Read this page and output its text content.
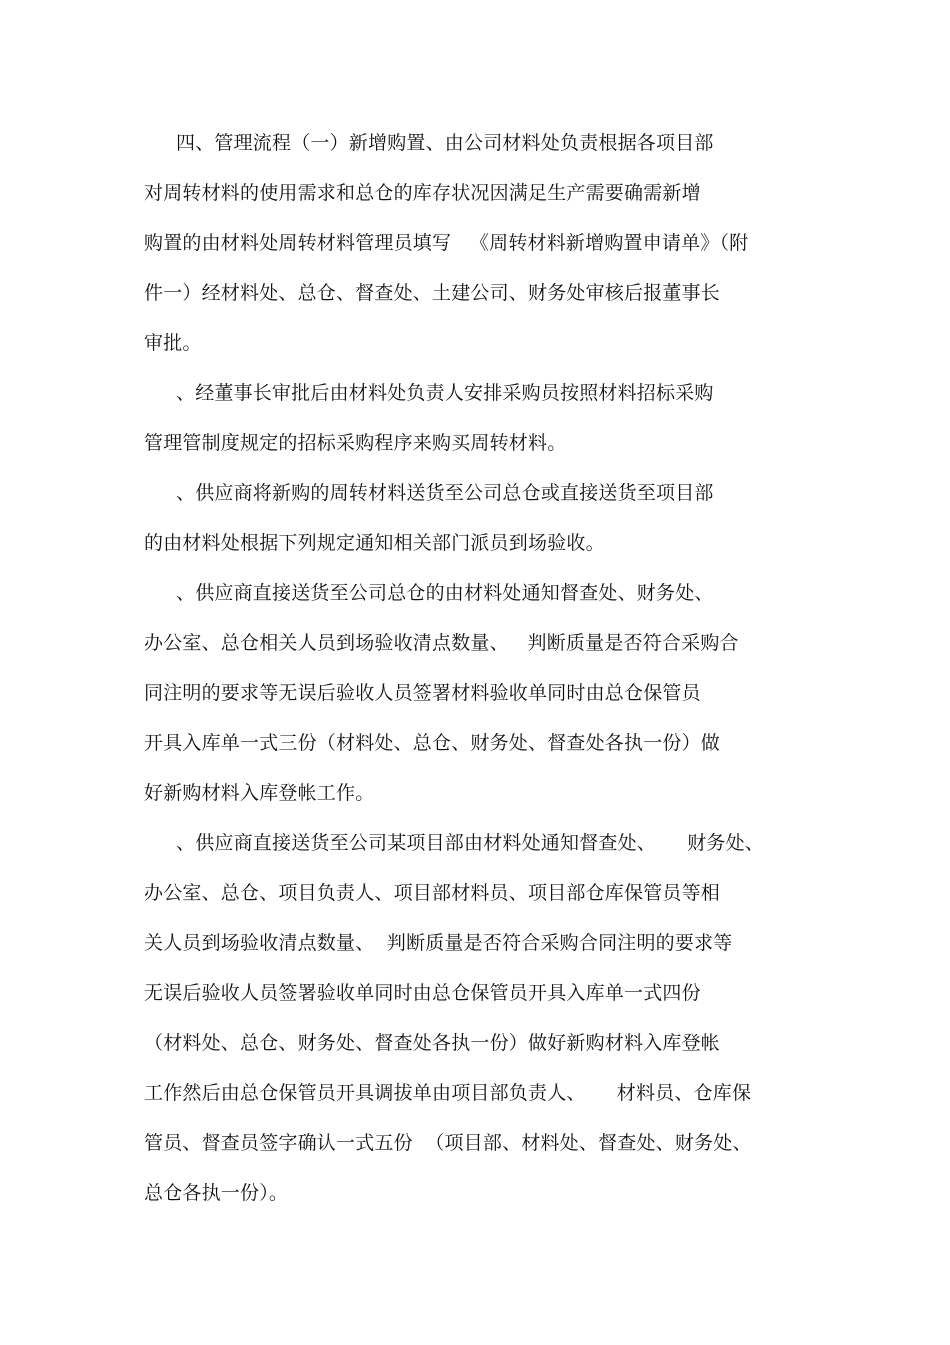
四、管理流程（一）新增购置、由公司材料处负责根据各项目部
对周转材料的使用需求和总仓的库存状况因满足生产需要确需新增
购置的由材料处周转材料管理员填写   《周转材料新增购置申请单》（附
件一）经材料处、总仓、督查处、土建公司、财务处审核后报董事长
审批。
、经董事长审批后由材料处负责人安排采购员按照材料招标采购
管理管制度规定的招标采购程序来购买周转材料。
、供应商将新购的周转材料送货至公司总仓或直接送货至项目部
的由材料处根据下列规定通知相关部门派员到场验收。
、供应商直接送货至公司总仓的由材料处通知督查处、财务处、
办公室、总仓相关人员到场验收清点数量、   判断质量是否符合采购合
同注明的要求等无误后验收人员签署材料验收单同时由总仓保管员
开具入库单一式三份（材料处、总仓、财务处、督查处各执一份）做
好新购材料入库登帐工作。
、供应商直接送货至公司某项目部由材料处通知督查处、     财务处、
办公室、总仓、项目负责人、项目部材料员、项目部仓库保管员等相
关人员到场验收清点数量、  判断质量是否符合采购合同注明的要求等
无误后验收人员签署验收单同时由总仓保管员开具入库单一式四份
（材料处、总仓、财务处、督查处各执一份）做好新购材料入库登帐
工作然后由总仓保管员开具调拔单由项目部负责人、     材料员、仓库保
管员、督查员签字确认一式五份  （项目部、材料处、督查处、财务处、
总仓各执一份）。
